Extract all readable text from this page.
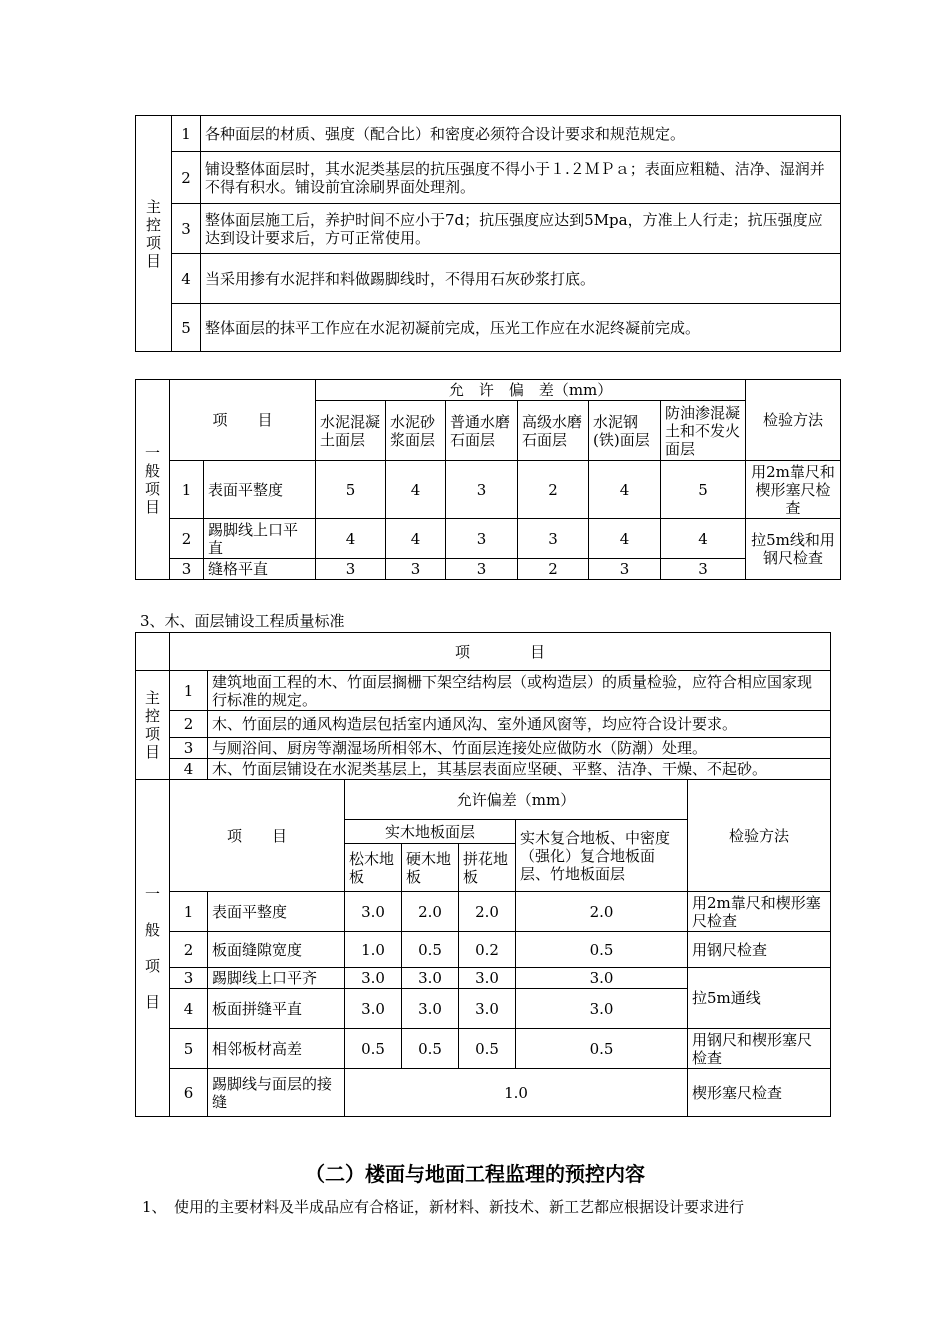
主
控
项
目	1	各种面层的材质、强度（配合比）和密度必须符合设计要求和规范规定。
	2	铺设整体面层时，其水泥类基层的抗压强度不得小于１.２ＭＰａ；表面应粗糙、洁净、湿润并不得有积水。铺设前宜涂刷界面处理剂。
	3	整体面层施工后，养护时间不应小于7d；抗压强度应达到5Mpa，方准上人行走；抗压强度应达到设计要求后，方可正常使用。
	4	当采用掺有水泥拌和料做踢脚线时，不得用石灰砂浆打底。
	5	整体面层的抹平工作应在水泥初凝前完成，压光工作应在水泥终凝前完成。
一
般
项
目	项　　目		允　许　偏　差（mm）						检验方法
			水泥混凝土面层	水泥砂浆面层	普通水磨石面层	高级水磨石面层	水泥钢(铁)面层	防油渗混凝土和不发火面层	
	1	表面平整度	5	4	3	2	4	5	用2m靠尺和楔形塞尺检查
	2	踢脚线上口平直	4	4	3	3	4	4	拉5m线和用钢尺检查
	3	缝格平直	3	3	3	2	3	3	
3、木、面层铺设工程质量标准
	项　　　　目						
主
控
项
目	1	建筑地面工程的木、竹面层搁栅下架空结构层（或构造层）的质量检验，应符合相应国家现行标准的规定。					
	2	木、竹面层的通风构造层包括室内通风沟、室外通风窗等，均应符合设计要求。					
	3	与厕浴间、厨房等潮湿场所相邻木、竹面层连接处应做防水（防潮）处理。					
	4	木、竹面层铺设在水泥类基层上，其基层表面应坚硬、平整、洁净、干燥、不起砂。					
一

般

项

目	项　　目		允许偏差（mm）				检验方法
			实木地板面层			实木复合地板、中密度（强化）复合地板面层、竹地板面层	
			松木地板	硬木地板	拼花地板		
	1	表面平整度	3.0	2.0	2.0	2.0	用2m靠尺和楔形塞尺检查
	2	板面缝隙宽度	1.0	0.5	0.2	0.5	用钢尺检查
	3	踢脚线上口平齐	3.0	3.0	3.0	3.0	拉5m通线
	4	板面拼缝平直	3.0	3.0	3.0	3.0	
	5	相邻板材高差	0.5	0.5	0.5	0.5	用钢尺和楔形塞尺检查
	6	踢脚线与面层的接缝	1.0				楔形塞尺检查
（二）楼面与地面工程监理的预控内容
1、　使用的主要材料及半成品应有合格证，新材料、新技术、新工艺都应根据设计要求进行
